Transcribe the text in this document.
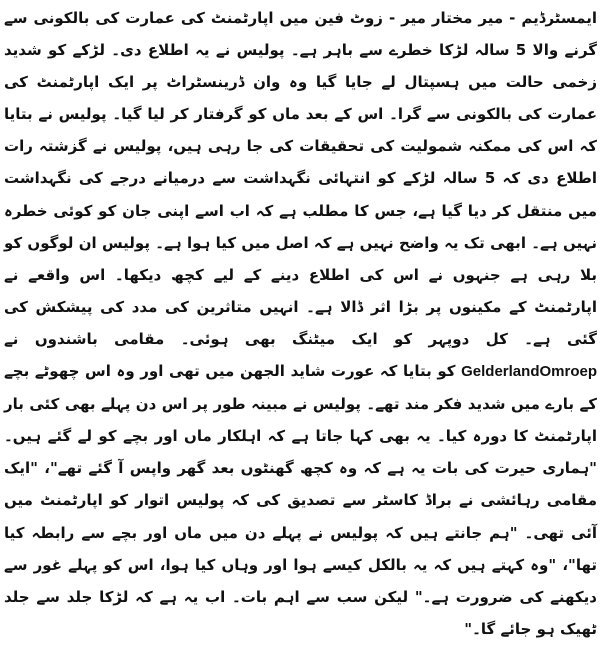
ایمسٹرڈیم - میر مختار میر - زوٹ فین میں اپارٹمنٹ کی عمارت کی بالکونی سے گرنے والا 5 سالہ لڑکا خطرے سے باہر ہے۔ پولیس نے یہ اطلاع دی۔ لڑکے کو شدید زخمی حالت میں ہسپتال لے جایا گیا وہ وان ڈرینسٹراٹ پر ایک اپارٹمنٹ کی عمارت کی بالکونی سے گرا۔ اس کے بعد ماں کو گرفتار کر لیا گیا۔ پولیس نے بتایا کہ اس کی ممکنہ شمولیت کی تحقیقات کی جا رہی ہیں، پولیس نے گزشتہ رات اطلاع دی کہ 5 سالہ لڑکے کو انتہائی نگہداشت سے درمیانے درجے کی نگہداشت میں منتقل کر دیا گیا ہے، جس کا مطلب ہے کہ اب اسے اپنی جان کو کوئی خطرہ نہیں ہے۔ ابھی تک یہ واضح نہیں ہے کہ اصل میں کیا ہوا ہے۔ پولیس ان لوگوں کو بلا رہی ہے جنہوں نے اس کی اطلاع دینے کے لیے کچھ دیکھا۔ اس واقعے نے اپارٹمنٹ کے مکینوں پر بڑا اثر ڈالا ہے۔ انہیں متاثرین کی مدد کی پیشکش کی گئی ہے۔ کل دوپہر کو ایک میٹنگ بھی ہوئی۔ مقامی باشندوں نے GelderlandOmroep کو بتایا کہ عورت شاید الجھن میں تھی اور وہ اس چھوٹے بچے کے بارے میں شدید فکر مند تھے۔ پولیس نے مبینہ طور پر اس دن پہلے بھی کئی بار اپارٹمنٹ کا دورہ کیا۔ یہ بھی کہا جاتا ہے کہ اہلکار ماں اور بچے کو لے گئے ہیں۔ "ہماری حیرت کی بات یہ ہے کہ وہ کچھ گھنٹوں بعد گھر واپس آ گئے تھے"، "ایک مقامی رہائشی نے براڈ کاسٹر سے تصدیق کی کہ پولیس اتوار کو اپارٹمنٹ میں آئی تھی۔ "ہم جانتے ہیں کہ پولیس نے پہلے دن میں ماں اور بچے سے رابطہ کیا تھا"، "وہ کہتے ہیں کہ یہ بالکل کیسے ہوا اور وہاں کیا ہوا، اس کو پہلے غور سے دیکھنے کی ضرورت ہے۔" لیکن سب سے اہم بات۔ اب یہ ہے کہ لڑکا جلد سے جلد ٹھیک ہو جائے گا۔"
